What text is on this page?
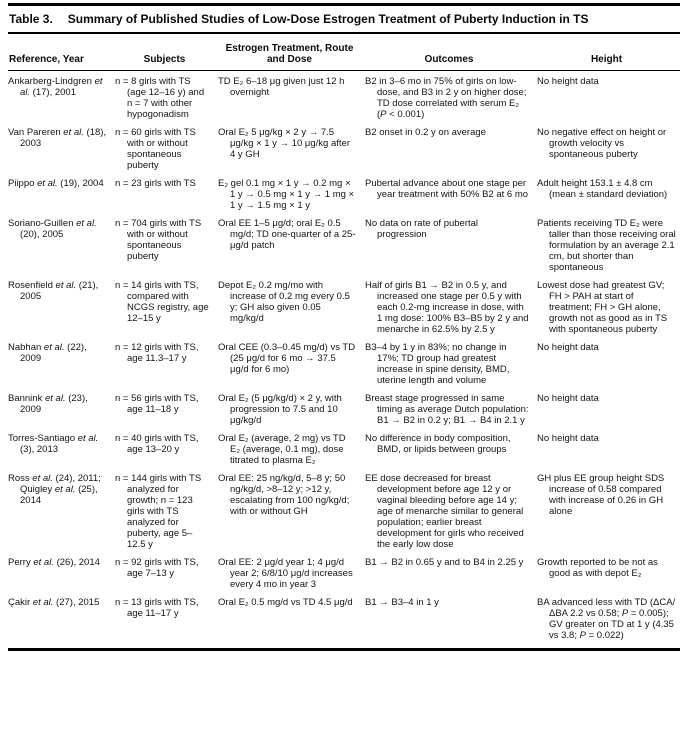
Table 3. Summary of Published Studies of Low-Dose Estrogen Treatment of Puberty Induction in TS
Reference, Year	Subjects	Estrogen Treatment, Route and Dose	Outcomes	Height

Ankarberg-Lindgren et al. (17), 2001	n = 8 girls with TS (age 12–16 y) and n = 7 with other hypogonadism	TD E₂ 6–18 μg given just 12 h overnight	B2 in 3–6 mo in 75% of girls on low-dose, and B3 in 2 y on higher dose; TD dose correlated with serum E₂ (P < 0.001)	No height data

Van Pareren et al. (18), 2003	n = 60 girls with TS with or without spontaneous puberty	Oral E₂ 5 μg/kg × 2 y → 7.5 μg/kg × 1 y → 10 μg/kg after 4 y GH	B2 onset in 0.2 y on average	No negative effect on height or growth velocity vs spontaneous puberty

Piippo et al. (19), 2004	n = 23 girls with TS	E₂ gel 0.1 mg × 1 y → 0.2 mg × 1 y → 0.5 mg × 1 y → 1 mg × 1 y → 1.5 mg × 1 y	Pubertal advance about one stage per year treatment with 50% B2 at 6 mo	Adult height 153.1 ± 4.8 cm (mean ± standard deviation)

Soriano-Guillen et al. (20), 2005	n = 704 girls with TS with or without spontaneous puberty	Oral EE 1–5 μg/d; oral E₂ 0.5 mg/d; TD one-quarter of a 25-μg/d patch	No data on rate of pubertal progression	Patients receiving TD E₂ were taller than those receiving oral formulation by an average 2.1 cm, but shorter than spontaneous

Rosenfield et al. (21), 2005	n = 14 girls with TS, compared with NCGS registry, age 12–15 y	Depot E₂ 0.2 mg/mo with increase of 0.2 mg every 0.5 y; GH also given 0.05 mg/kg/d	Half of girls B1 → B2 in 0.5 y, and increased one stage per 0.5 y with each 0.2-mg increase in dose, with 1 mg dose: 100% B3–B5 by 2 y and menarche in 62.5% by 2.5 y	Lowest dose had greatest GV; FH > PAH at start of treatment; FH > GH alone, growth not as good as in TS with spontaneous puberty

Nabhan et al. (22), 2009	n = 12 girls with TS, age 11.3–17 y	Oral CEE (0.3–0.45 mg/d) vs TD (25 μg/d for 6 mo → 37.5 μg/d for 6 mo)	B3–4 by 1 y in 83%; no change in 17%; TD group had greatest increase in spine density, BMD, uterine length and volume	No height data

Bannink et al. (23), 2009	n = 56 girls with TS, age 11–18 y	Oral E₂ (5 μg/kg/d) × 2 y, with progression to 7.5 and 10 μg/kg/d	Breast stage progressed in same timing as average Dutch population: B1 → B2 in 0.2 y; B1 → B4 in 2.1 y	No height data

Torres-Santiago et al. (3), 2013	n = 40 girls with TS, age 13–20 y	Oral E₂ (average, 2 mg) vs TD E₂ (average, 0.1 mg), dose titrated to plasma E₂	No difference in body composition, BMD, or lipids between groups	No height data

Ross et al. (24), 2011; Quigley et al. (25), 2014	n = 144 girls with TS analyzed for growth; n = 123 girls with TS analyzed for puberty, age 5–12.5 y	Oral EE: 25 ng/kg/d, 5–8 y; 50 ng/kg/d, >8–12 y; >12 y, escalating from 100 ng/kg/d; with or without GH	EE dose decreased for breast development before age 12 y or vaginal bleeding before age 14 y; age of menarche similar to general population; earlier breast development for girls who received the early low dose	GH plus EE group height SDS increase of 0.58 compared with increase of 0.26 in GH alone

Perry et al. (26), 2014	n = 92 girls with TS, age 7–13 y	Oral EE: 2 μg/d year 1; 4 μg/d year 2; 6/8/10 μg/d increases every 4 mo in year 3	B1 → B2 in 0.65 y and to B4 in 2.25 y	Growth reported to be not as good as with depot E₂

Çakir et al. (27), 2015	n = 13 girls with TS, age 11–17 y	Oral E₂ 0.5 mg/d vs TD 4.5 μg/d	B1 → B3–4 in 1 y	BA advanced less with TD (ΔCA/ΔBA 2.2 vs 0.58; P = 0.005); GV greater on TD at 1 y (4.35 vs 3.8; P = 0.022)
